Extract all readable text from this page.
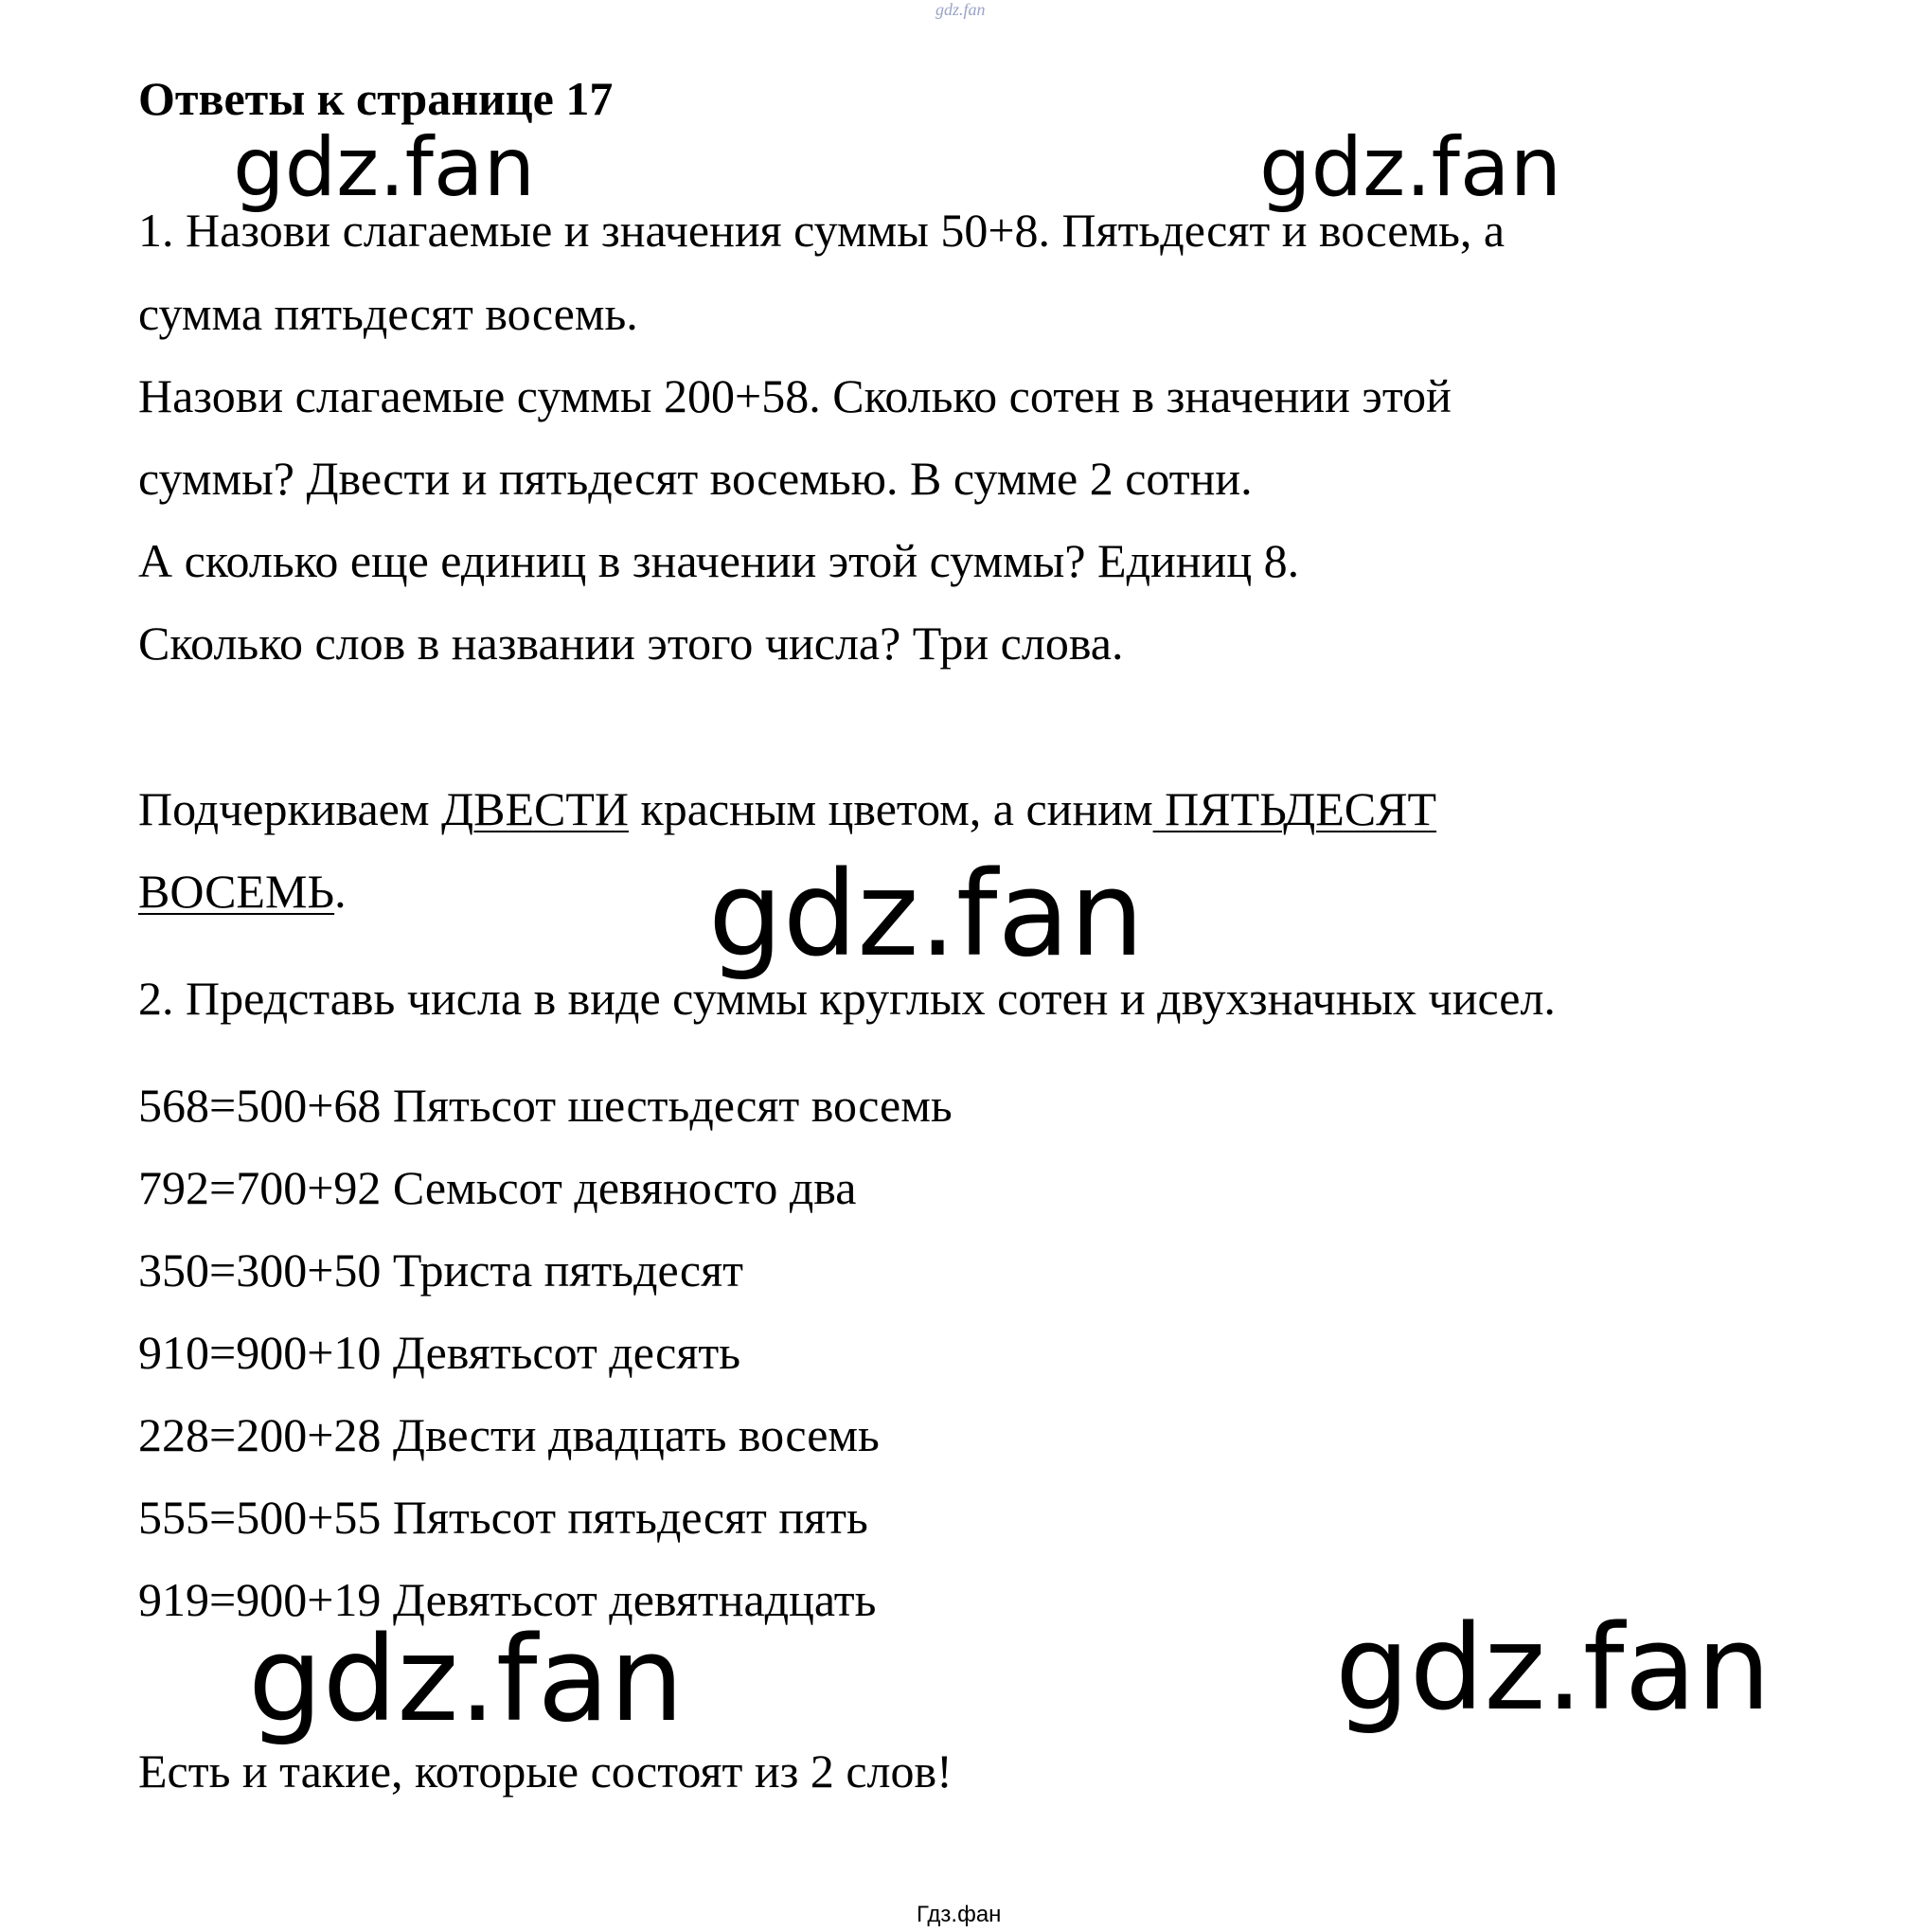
gdz.fan
Ответы к странице 17
gdz.fan	gdz.fan
1. Назови слагаемые и значения суммы 50+8. Пятьдесят и восемь, а
сумма пятьдесят восемь.
Назови слагаемые суммы 200+58. Сколько сотен в значении этой
суммы? Двести и пятьдесят восемью. В сумме 2 сотни.
А сколько еще единиц в значении этой суммы? Единиц 8.
Сколько слов в названии этого числа? Три слова.
Подчеркиваем ДВЕСТИ красным цветом, а синим ПЯТЬДЕСЯТ
ВОСЕМЬ.	gdz.fan
2. Представь числа в виде суммы круглых сотен и двухзначных чисел.
568=500+68 Пятьсот шестьдесят восемь
792=700+92 Семьсот девяносто два
350=300+50 Триста пятьдесят
910=900+10 Девятьсот десять
228=200+28 Двести двадцать восемь
555=500+55 Пятьсот пятьдесят пять
919=900+19 Девятьсот девятнадцать
gdz.fan	gdz.fan
Есть и такие, которые состоят из 2 слов!
Гдз.фан
